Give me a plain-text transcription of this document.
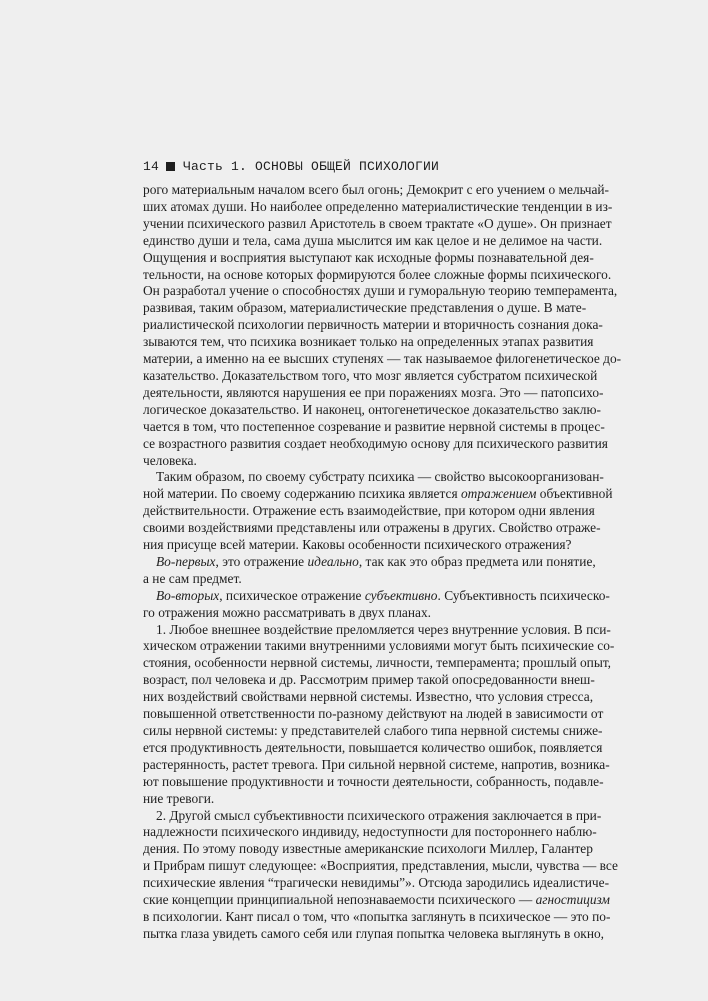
14 Часть 1. ОСНОВЫ ОБЩЕЙ ПСИХОЛОГИИ

рого материальным началом всего был огонь; Демокрит с его учением о мельчай-
ших атомах души. Но наиболее определенно материалистические тенденции в из-
учении психического развил Аристотель в своем трактате «О душе». Он признает
единство души и тела, сама душа мыслится им как целое и не делимое на части.
Ощущения и восприятия выступают как исходные формы познавательной дея-
тельности, на основе которых формируются более сложные формы психического.
Он разработал учение о способностях души и гуморальную теорию темперамента,
развивая, таким образом, материалистические представления о душе. В мате-
риалистической психологии первичность материи и вторичность сознания дока-
зываются тем, что психика возникает только на определенных этапах развития
материи, а именно на ее высших ступенях — так называемое филогенетическое до-
казательство. Доказательством того, что мозг является субстратом психической
деятельности, являются нарушения ее при поражениях мозга. Это — патопсихо-
логическое доказательство. И наконец, онтогенетическое доказательство заклю-
чается в том, что постепенное созревание и развитие нервной системы в процес-
се возрастного развития создает необходимую основу для психического развития
человека.

Таким образом, по своему субстрату психика — свойство высокоорганизован-
ной материи. По своему содержанию психика является отражением объективной
действительности. Отражение есть взаимодействие, при котором одни явления
своими воздействиями представлены или отражены в других. Свойство отраже-
ния присуще всей материи. Каковы особенности психического отражения?

Во-первых, это отражение идеально, так как это образ предмета или понятие,
а не сам предмет.

Во-вторых, психическое отражение субъективно. Субъективность психическо-
го отражения можно рассматривать в двух планах.

1. Любое внешнее воздействие преломляется через внутренние условия. В пси-
хическом отражении такими внутренними условиями могут быть психические со-
стояния, особенности нервной системы, личности, темперамента; прошлый опыт,
возраст, пол человека и др. Рассмотрим пример такой опосредованности внеш-
них воздействий свойствами нервной системы. Известно, что условия стресса,
повышенной ответственности по-разному действуют на людей в зависимости от
силы нервной системы: у представителей слабого типа нервной системы сниже-
ется продуктивность деятельности, повышается количество ошибок, появляется
растерянность, растет тревога. При сильной нервной системе, напротив, возника-
ют повышение продуктивности и точности деятельности, собранность, подавле-
ние тревоги.

2. Другой смысл субъективности психического отражения заключается в при-
надлежности психического индивиду, недоступности для постороннего наблю-
дения. По этому поводу известные американские психологи Миллер, Галантер
и Прибрам пишут следующее: «Восприятия, представления, мысли, чувства — все
психические явления “трагически невидимы”». Отсюда зародились идеалистиче-
ские концепции принципиальной непознаваемости психического — агностицизм
в психологии. Кант писал о том, что «попытка заглянуть в психическое — это по-
пытка глаза увидеть самого себя или глупая попытка человека выглянуть в окно,
